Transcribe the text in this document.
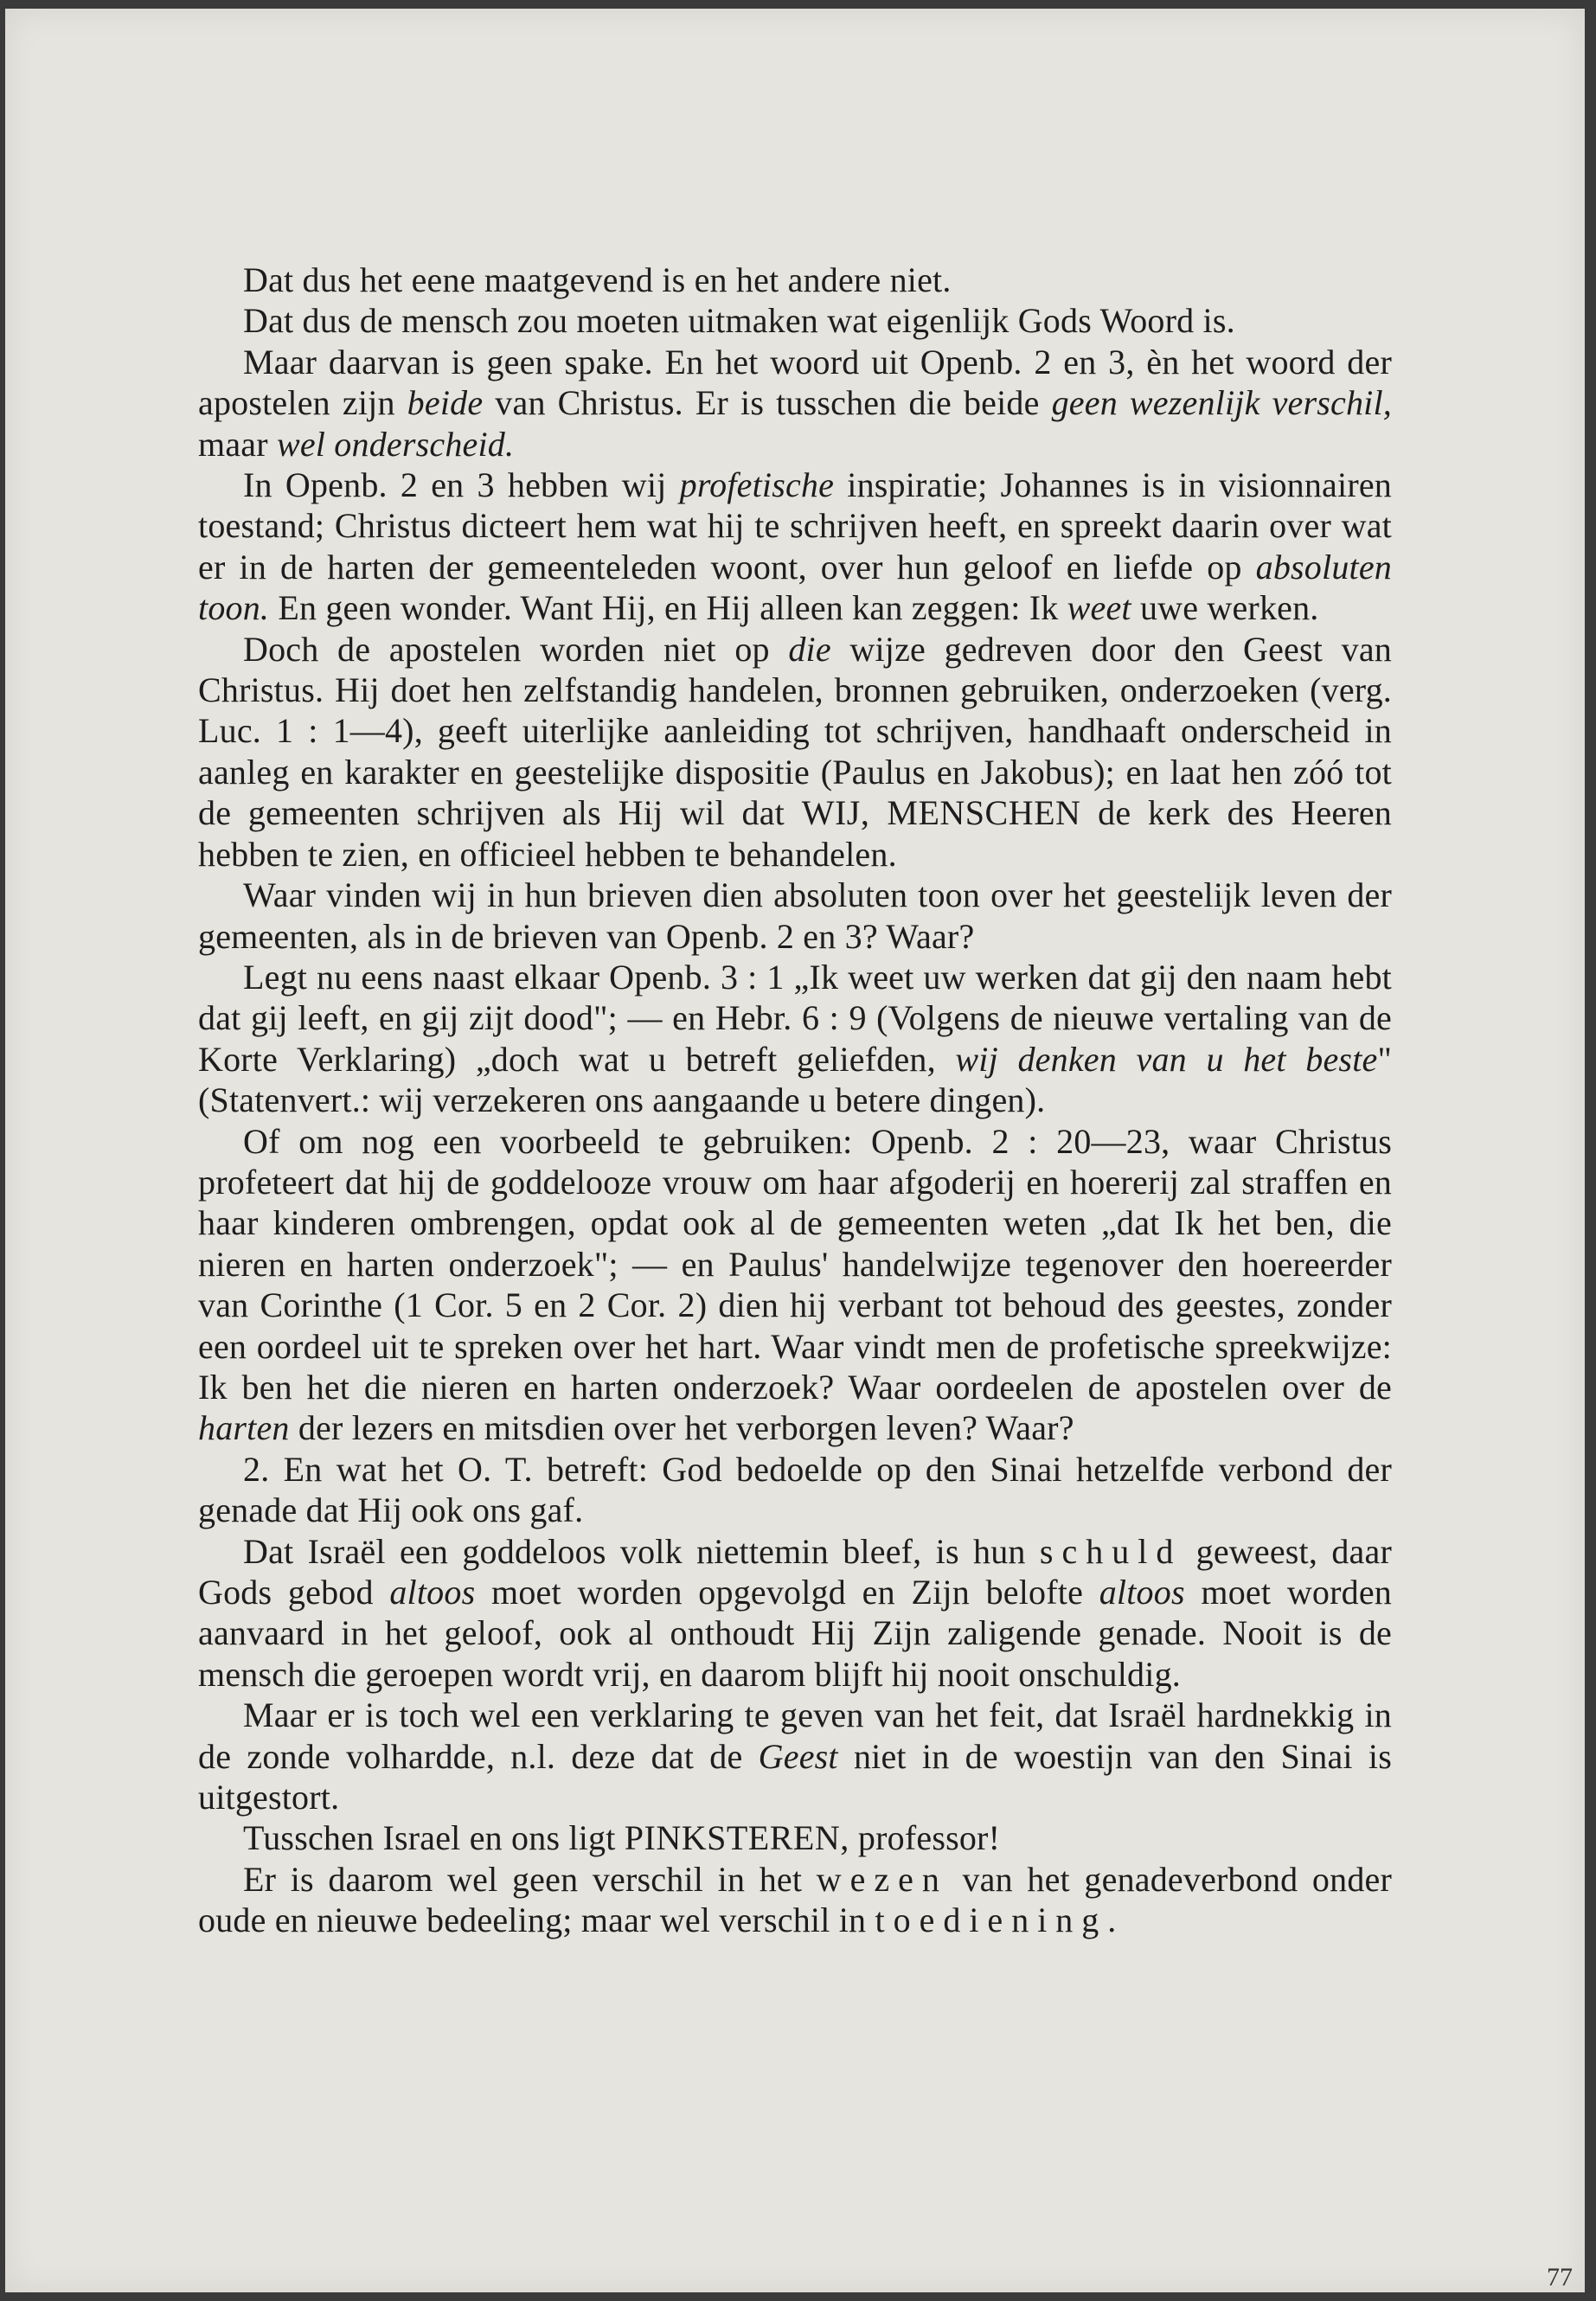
Dat dus het eene maatgevend is en het andere niet.

Dat dus de mensch zou moeten uitmaken wat eigenlijk Gods Woord is.

Maar daarvan is geen spake. En het woord uit Openb. 2 en 3, èn het woord der apostelen zijn beide van Christus. Er is tusschen die beide geen wezenlijk verschil, maar wel onderscheid.

In Openb. 2 en 3 hebben wij profetische inspiratie; Johannes is in visionnairen toestand; Christus dicteert hem wat hij te schrijven heeft, en spreekt daarin over wat er in de harten der gemeenteleden woont, over hun geloof en liefde op absoluten toon. En geen wonder. Want Hij, en Hij alleen kan zeggen: Ik weet uwe werken.

Doch de apostelen worden niet op die wijze gedreven door den Geest van Christus. Hij doet hen zelfstandig handelen, bronnen gebruiken, onderzoeken (verg. Luc. 1 : 1—4), geeft uiterlijke aanleiding tot schrijven, handhaaft onderscheid in aanleg en karakter en geestelijke dispositie (Paulus en Jakobus); en laat hen zóó tot de gemeenten schrijven als Hij wil dat WIJ, MENSCHEN de kerk des Heeren hebben te zien, en officieel hebben te behandelen.

Waar vinden wij in hun brieven dien absoluten toon over het geestelijk leven der gemeenten, als in de brieven van Openb. 2 en 3? Waar?

Legt nu eens naast elkaar Openb. 3 : 1 „Ik weet uw werken dat gij den naam hebt dat gij leeft, en gij zijt dood"; — en Hebr. 6 : 9 (Volgens de nieuwe vertaling van de Korte Verklaring) „doch wat u betreft geliefden, wij denken van u het beste" (Statenvert.: wij verzekeren ons aangaande u betere dingen).

Of om nog een voorbeeld te gebruiken: Openb. 2 : 20—23, waar Christus profeteert dat hij de goddelooze vrouw om haar afgoderij en hoererij zal straffen en haar kinderen ombrengen, opdat ook al de gemeenten weten „dat Ik het ben, die nieren en harten onderzoek"; — en Paulus' handelwijze tegenover den hoereerder van Corinthe (1 Cor. 5 en 2 Cor. 2) dien hij verbant tot behoud des geestes, zonder een oordeel uit te spreken over het hart. Waar vindt men de profetische spreekwijze: Ik ben het die nieren en harten onderzoek? Waar oordeelen de apostelen over de harten der lezers en mitsdien over het verborgen leven? Waar?

2. En wat het O. T. betreft: God bedoelde op den Sinai hetzelfde verbond der genade dat Hij ook ons gaf.

Dat Israël een goddeloos volk niettemin bleef, is hun schuld geweest, daar Gods gebod altoos moet worden opgevolgd en Zijn belofte altoos moet worden aanvaard in het geloof, ook al onthoudt Hij Zijn zaligende genade. Nooit is de mensch die geroepen wordt vrij, en daarom blijft hij nooit onschuldig.

Maar er is toch wel een verklaring te geven van het feit, dat Israël hardnekkig in de zonde volhardde, n.l. deze dat de Geest niet in de woestijn van den Sinai is uitgestort.

Tusschen Israel en ons ligt PINKSTEREN, professor!

Er is daarom wel geen verschil in het wezen van het genadeverbond onder oude en nieuwe bedeeling; maar wel verschil in toediening.

77
